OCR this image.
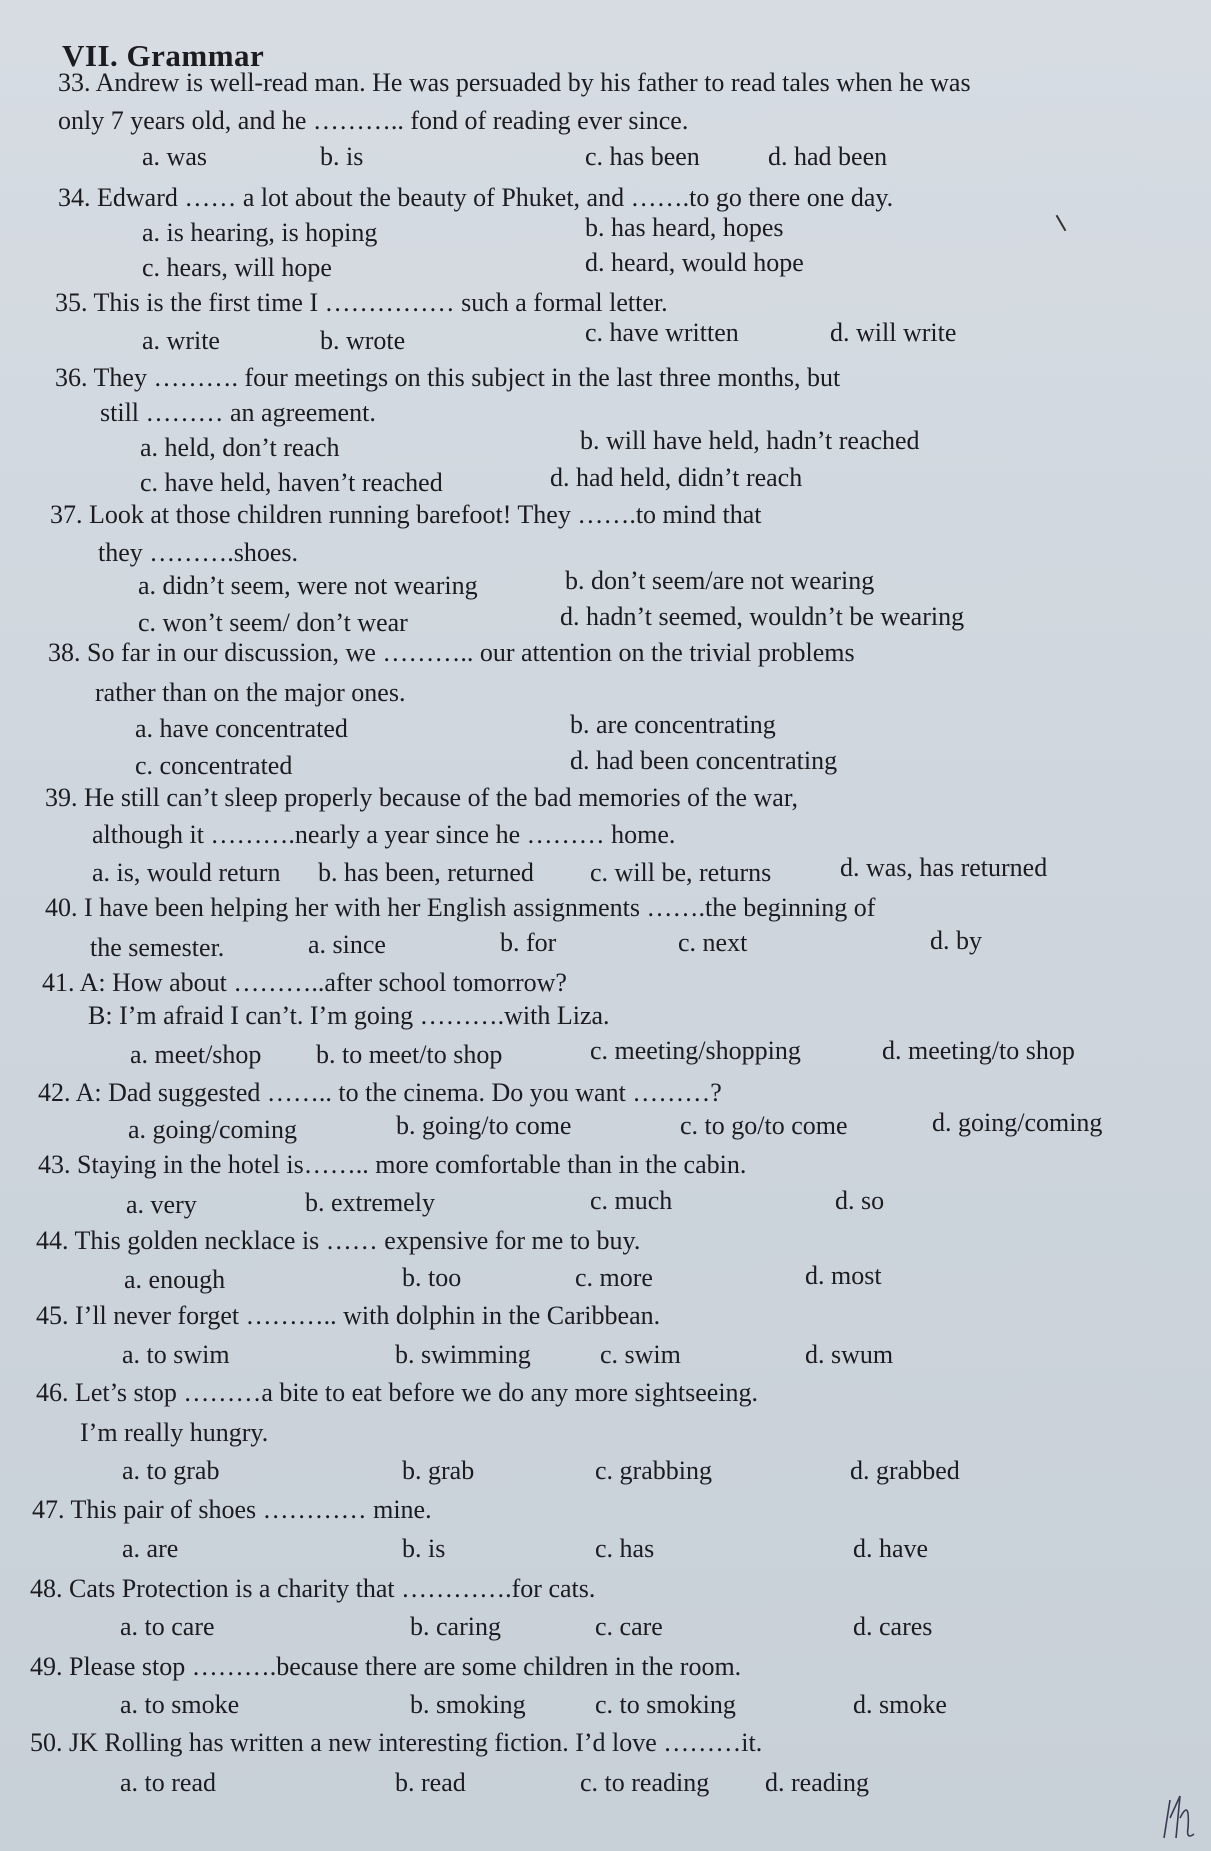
VII. Grammar
33. Andrew is well-read man. He was persuaded by his father to read tales when he was
only 7 years old, and he ……….. fond of reading ever since.
a. was	b. is	c. has been	d. had been
34. Edward …… a lot about the beauty of Phuket, and …….to go there one day.
a. is hearing, is hoping	b. has heard, hopes
c. hears, will hope	d. heard, would hope
35. This is the first time I …………… such a formal letter.
a. write	b. wrote	c. have written	d. will write
36. They ………. four meetings on this subject in the last three months, but
still ……… an agreement.
a. held, don’t reach	b. will have held, hadn’t reached
c. have held, haven’t reached	d. had held, didn’t reach
37. Look at those children running barefoot! They …….to mind that
they ……….shoes.
a. didn’t seem, were not wearing	b. don’t seem/are not wearing
c. won’t seem/ don’t wear	d. hadn’t seemed, wouldn’t be wearing
38. So far in our discussion, we ……….. our attention on the trivial problems
rather than on the major ones.
a. have concentrated	b. are concentrating
c. concentrated	d. had been concentrating
39. He still can’t sleep properly because of the bad memories of the war,
although it ……….nearly a year since he ……… home.
a. is, would return b. has been, returned c. will be, returns	d. was, has returned
40. I have been helping her with her English assignments …….the beginning of
the semester.	a. since	b. for	c. next	d. by
41. A: How about ………..after school tomorrow?
B: I’m afraid I can’t. I’m going ……….with Liza.
a. meet/shop b. to meet/to shop	c. meeting/shopping	d. meeting/to shop
42. A: Dad suggested …….. to the cinema. Do you want ………?
a. going/coming	b. going/to come	c. to go/to come	d. going/coming
43. Staying in the hotel is…….. more comfortable than in the cabin.
a. very	b. extremely	c. much	d. so
44. This golden necklace is …… expensive for me to buy.
a. enough	b. too	c. more	d. most
45. I’ll never forget ……….. with dolphin in the Caribbean.
a. to swim	b. swimming	c. swim	d. swum
46. Let’s stop ………a bite to eat before we do any more sightseeing.
I’m really hungry.
a. to grab	b. grab	c. grabbing	d. grabbed
47. This pair of shoes ………… mine.
a. are	b. is	c. has	d. have
48. Cats Protection is a charity that ………….for cats.
a. to care	b. caring	c. care	d. cares
49. Please stop ……….because there are some children in the room.
a. to smoke	b. smoking	c. to smoking	d. smoke
50. JK Rolling has written a new interesting fiction. I’d love ………it.
a. to read	b. read	c. to reading d. reading
